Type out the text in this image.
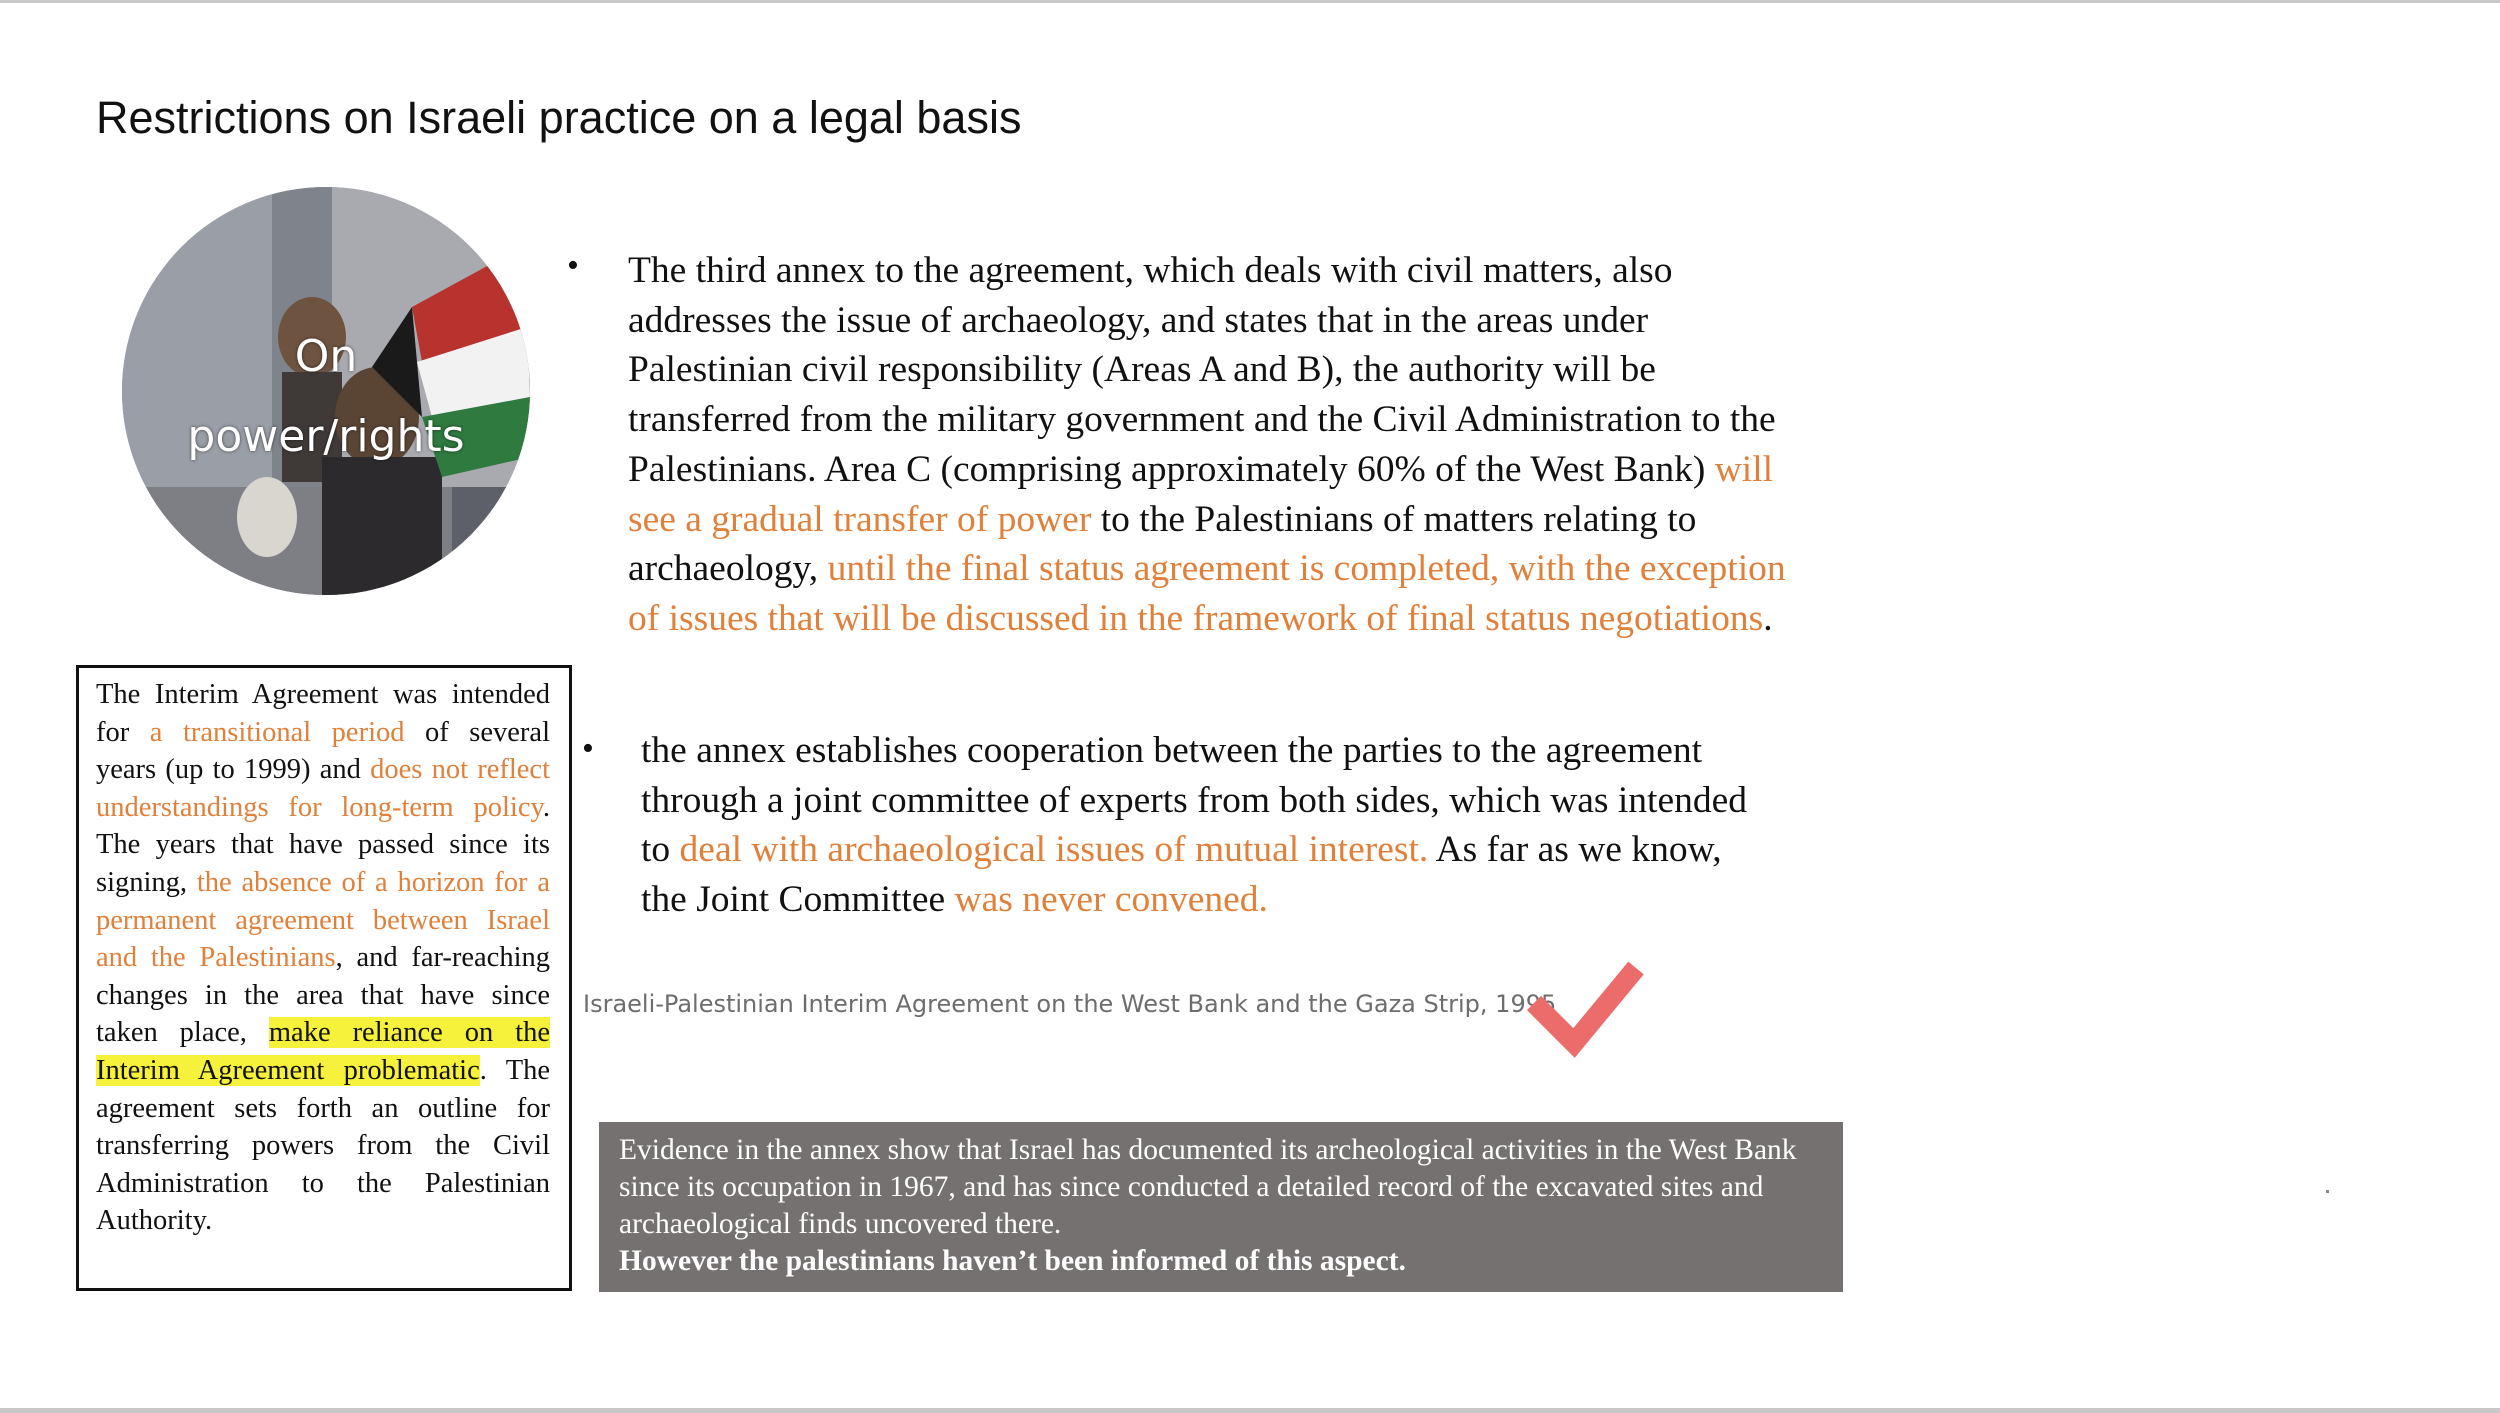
Restrictions on Israeli practice on a legal basis
On
power/rights
The Interim Agreement was intended for a transitional period of several years (up to 1999) and does not reflect understandings for long-term policy. The years that have passed since its signing, the absence of a horizon for a permanent agreement between Israel and the Palestinians, and far-reaching changes in the area that have since taken place, make reliance on the Interim Agreement problematic. The agreement sets forth an outline for transferring powers from the Civil Administration to the Palestinian Authority.
• The third annex to the agreement, which deals with civil matters, also addresses the issue of archaeology, and states that in the areas under Palestinian civil responsibility (Areas A and B), the authority will be transferred from the military government and the Civil Administration to the Palestinians. Area C (comprising approximately 60% of the West Bank) will see a gradual transfer of power to the Palestinians of matters relating to archaeology, until the final status agreement is completed, with the exception of issues that will be discussed in the framework of final status negotiations.
• the annex establishes cooperation between the parties to the agreement through a joint committee of experts from both sides, which was intended to deal with archaeological issues of mutual interest. As far as we know, the Joint Committee was never convened.
Israeli-Palestinian Interim Agreement on the West Bank and the Gaza Strip, 1995
Evidence in the annex show that Israel has documented its archeological activities in the West Bank since its occupation in 1967, and has since conducted a detailed record of the excavated sites and archaeological finds uncovered there.
However the palestinians haven’t been informed of this aspect.
